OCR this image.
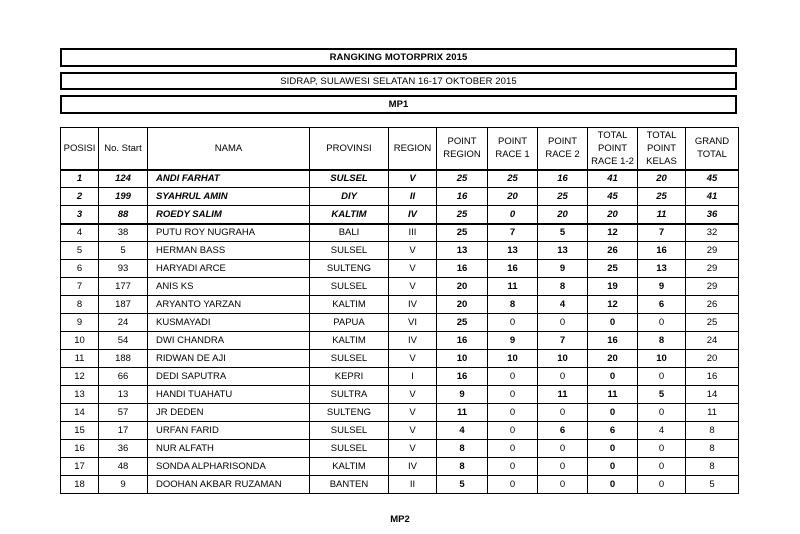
RANGKING MOTORPRIX 2015
SIDRAP, SULAWESI SELATAN 16-17 OKTOBER 2015
MP1
POSISI	No. Start	NAMA	PROVINSI	REGION	POINT REGION	POINT RACE 1	POINT RACE 2	TOTAL POINT RACE 1-2	TOTAL POINT KELAS	GRAND TOTAL
1	124	ANDI FARHAT	SULSEL	V	25	25	16	41	20	45
2	199	SYAHRUL AMIN	DIY	II	16	20	25	45	25	41
3	88	ROEDY SALIM	KALTIM	IV	25	0	20	20	11	36
4	38	PUTU ROY NUGRAHA	BALI	III	25	7	5	12	7	32
5	5	HERMAN BASS	SULSEL	V	13	13	13	26	16	29
6	93	HARYADI ARCE	SULTENG	V	16	16	9	25	13	29
7	177	ANIS KS	SULSEL	V	20	11	8	19	9	29
8	187	ARYANTO YARZAN	KALTIM	IV	20	8	4	12	6	26
9	24	KUSMAYADI	PAPUA	VI	25	0	0	0	0	25
10	54	DWI CHANDRA	KALTIM	IV	16	9	7	16	8	24
11	188	RIDWAN DE AJI	SULSEL	V	10	10	10	20	10	20
12	66	DEDI SAPUTRA	KEPRI	I	16	0	0	0	0	16
13	13	HANDI TUAHATU	SULTRA	V	9	0	11	11	5	14
14	57	JR DEDEN	SULTENG	V	11	0	0	0	0	11
15	17	URFAN FARID	SULSEL	V	4	0	6	6	4	8
16	36	NUR ALFATH	SULSEL	V	8	0	0	0	0	8
17	48	SONDA ALPHARISONDA	KALTIM	IV	8	0	0	0	0	8
18	9	DOOHAN AKBAR RUZAMAN	BANTEN	II	5	0	0	0	0	5
MP2
